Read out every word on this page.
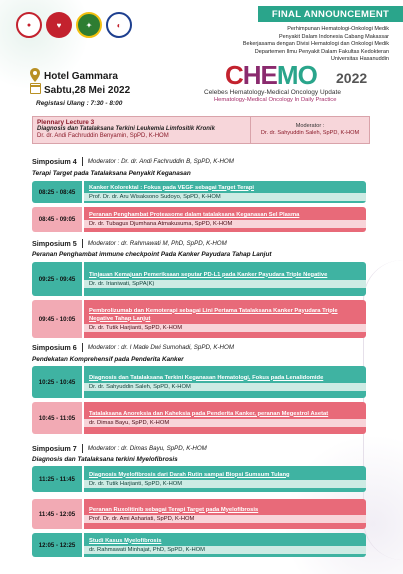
●	♥	✦	◐
FINAL ANNOUNCEMENT
Perhimpunan Hematologi-Onkologi Medik
Penyakit Dalam Indonesia Cabang Makassar
Bekerjasama dengan Divisi Hematologi dan Onkologi Medik
Departemen Ilmu Penyakit Dalam Fakultas Kedokteran
Universitas Hasanuddin
Hotel Gammara
Sabtu,28 Mei 2022
Registasi Ulang : 7:30 - 8:00
CHEMO 2022
Celebes Hematology-Medical Oncology Update
Hematology-Medical Oncology In Daily Practice
Plennary Lecture 3
Diagnosis dan Tatalaksana Terkini Leukemia Limfositik Kronik
Dr. dr. Andi Fachruddin Benyamin, SpPD, K-HOM
Moderator :
Dr. dr. Sahyuddin Saleh, SpPD, K-HOM
Simposium 4 Moderator : Dr. dr. Andi Fachruddin B, SpPD, K-HOM
Terapi Target pada Tatalaksana Penyakit Keganasan
08:25 - 08:45
Kanker Kolorektal : Fokus pada VEGF sebagai Target Terapi
Prof. Dr. dr. Aru Wisaksono Sudoyo, SpPD, K-HOM
08:45 - 09:05
Peranan Penghambat Proteasome dalam tatalaksana Keganasan Sel Plasma
Dr. dr. Tubagus Djumhana Atmakusuma, SpPD, K-HOM
Simposium 5 Moderator : dr. Rahmawati M, PhD, SpPD, K-HOM
Peranan Penghambat immune checkpoint Pada Kanker Payudara Tahap Lanjut
09:25 - 09:45
Tinjauan Kemajuan Pemeriksaan seputar PD-L1 pada Kanker Payudara Triple Negative
Dr. dr. Irianiwati, SpPA(K)
09:45 - 10:05
Pembrolizumab dan Kemoterapi sebagai Lini Pertama Tatalaksana Kanker Payudara Triple Negative Tahap Lanjut
Dr. dr. Tutik Harjianti, SpPD, K-HOM
Simposium 6 Moderator : dr. I Made Dwi Sumohadi, SpPD, K-HOM
Pendekatan Komprehensif pada Penderita Kanker
10:25 - 10:45
Diagnosis dan Tatalaksana Terkini Keganasan Hematologi, Fokus pada Lenalidomide
Dr. dr. Sahyuddin Saleh, SpPD, K-HOM
10:45 - 11:05
Tatalaksana Anoreksia dan Kaheksia pada Penderita Kanker, peranan Megestrol Asetat
dr. Dimas Bayu, SpPD, K-HOM
Simposium 7 Moderator : dr. Dimas Bayu, SpPD, K-HOM
Diagnosis dan Tatalaksana terkini Myelofibrosis
11:25 - 11:45
Diagnosis Myelofibrosis dari Darah Rutin sampai Biopsi Sumsum Tulang
Dr. dr. Tutik Harjianti, SpPD, K-HOM
11:45 - 12:05
Peranan Ruxolitinib sebagai Terapi Target pada Myelofibrosis
Prof. Dr. dr. Ami Ashariati, SpPD, K-HOM
12:05 - 12:25
Studi Kasus Myelofibrosis
dr. Rahmawati Minhajat, PhD, SpPD, K-HOM
